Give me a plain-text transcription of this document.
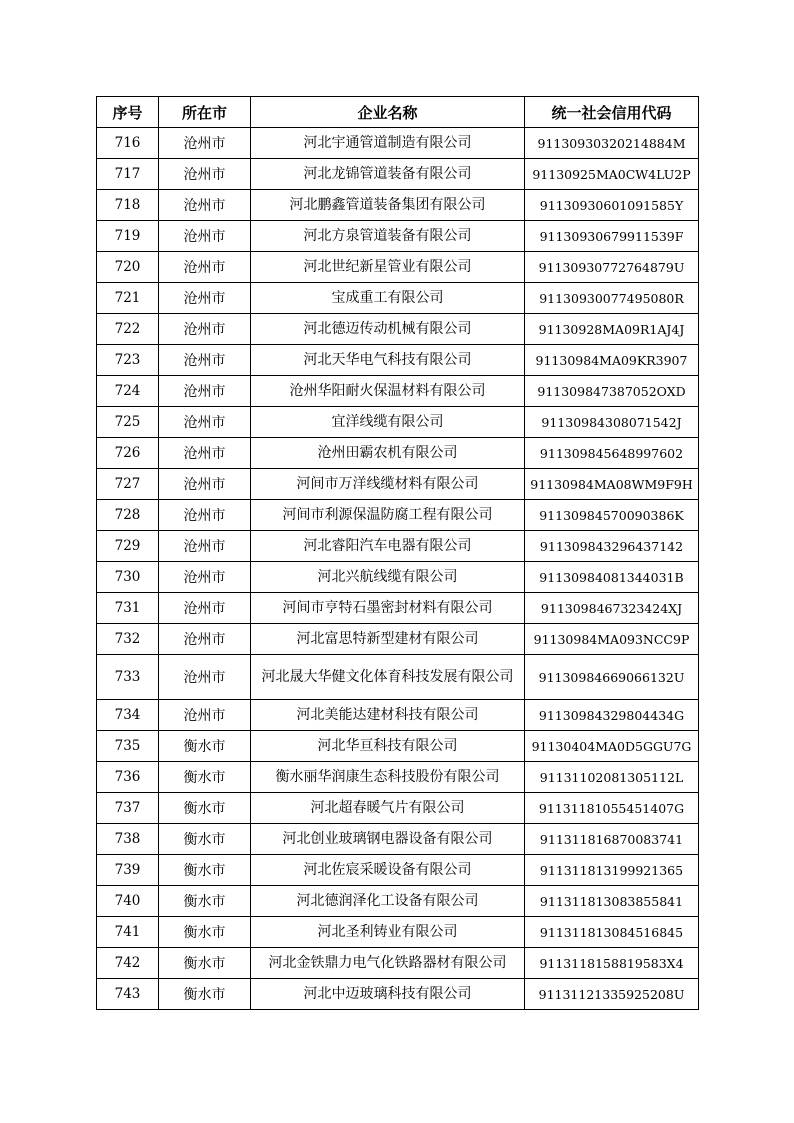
序号	所在市	企业名称	统一社会信用代码
716	沧州市	河北宇通管道制造有限公司	91130930320214884M
717	沧州市	河北龙锦管道装备有限公司	91130925MA0CW4LU2P
718	沧州市	河北鹏鑫管道装备集团有限公司	91130930601091585Y
719	沧州市	河北方泉管道装备有限公司	91130930679911539F
720	沧州市	河北世纪新星管业有限公司	91130930772764879U
721	沧州市	宝成重工有限公司	91130930077495080R
722	沧州市	河北德迈传动机械有限公司	91130928MA09R1AJ4J
723	沧州市	河北天华电气科技有限公司	91130984MA09KR3907
724	沧州市	沧州华阳耐火保温材料有限公司	911309847387052OXD
725	沧州市	宜洋线缆有限公司	91130984308071542J
726	沧州市	沧州田霸农机有限公司	911309845648997602
727	沧州市	河间市万洋线缆材料有限公司	91130984MA08WM9F9H
728	沧州市	河间市利源保温防腐工程有限公司	91130984570090386K
729	沧州市	河北睿阳汽车电器有限公司	911309843296437142
730	沧州市	河北兴航线缆有限公司	91130984081344031B
731	沧州市	河间市亨特石墨密封材料有限公司	9113098467323424XJ
732	沧州市	河北富思特新型建材有限公司	91130984MA093NCC9P
733	沧州市	河北晟大华健文化体育科技发展有限公司	91130984669066132U
734	沧州市	河北美能达建材科技有限公司	91130984329804434G
735	衡水市	河北华亘科技有限公司	91130404MA0D5GGU7G
736	衡水市	衡水丽华润康生态科技股份有限公司	91131102081305112L
737	衡水市	河北超春暖气片有限公司	91131181055451407G
738	衡水市	河北创业玻璃钢电器设备有限公司	911311816870083741
739	衡水市	河北佐宸采暖设备有限公司	911311813199921365
740	衡水市	河北德润泽化工设备有限公司	911311813083855841
741	衡水市	河北圣利铸业有限公司	911311813084516845
742	衡水市	河北金铁鼎力电气化铁路器材有限公司	9113118158819583X4
743	衡水市	河北中迈玻璃科技有限公司	91131121335925208U
